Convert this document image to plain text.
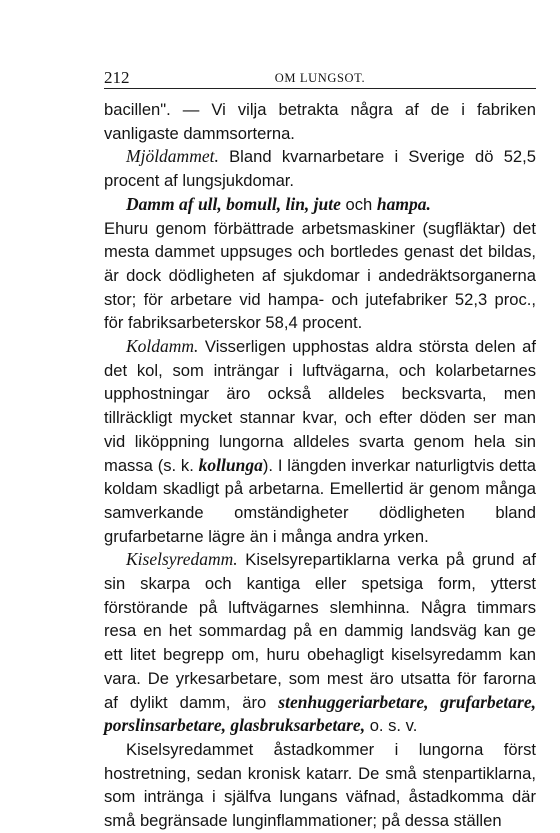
212	OM LUNGSOT.

bacillen". — Vi vilja betrakta några af de i fabriken vanligaste dammsorterna.

Mjöldammet. Bland kvarnarbetare i Sverige dö 52,5 procent af lungsjukdomar.

Damm af ull, bomull, lin, jute och hampa.

Ehuru genom förbättrade arbetsmaskiner (sugfläktar) det mesta dammet uppsuges och bortledes genast det bildas, är dock dödligheten af sjukdomar i andedräktsorganerna stor; för arbetare vid hampa- och jutefabriker 52,3 proc., för fabriksarbeterskor 58,4 procent.

Koldamm. Visserligen upphostas aldra största delen af det kol, som inträngar i luftvägarna, och kolarbetarnes upphostningar äro också alldeles becksvarta, men tillräckligt mycket stannar kvar, och efter döden ser man vid liköppning lungorna alldeles svarta genom hela sin massa (s. k. kollunga). I längden inverkar naturligtvis detta koldam skadligt på arbetarna. Emellertid är genom många samverkande omständigheter dödligheten bland grufarbetarne lägre än i många andra yrken.

Kiselsyredamm. Kiselsyrepartiklarna verka på grund af sin skarpa och kantiga eller spetsiga form, ytterst förstörande på luftvägarnes slemhinna. Några timmars resa en het sommardag på en dammig landsväg kan ge ett litet begrepp om, huru obehagligt kiselsyredamm kan vara. De yrkesarbetare, som mest äro utsatta för farorna af dylikt damm, äro stenhuggeriarbetare, grufarbetare, porslinsarbetare, glasbruksarbetare, o. s. v.

Kiselsyredammet åstadkommer i lungorna först hostretning, sedan kronisk katarr. De små stenpartiklarna, som inträngа i själfva lungans väfnad, åstadkomma där små begränsade lunginflammationer; på dessa ställen
